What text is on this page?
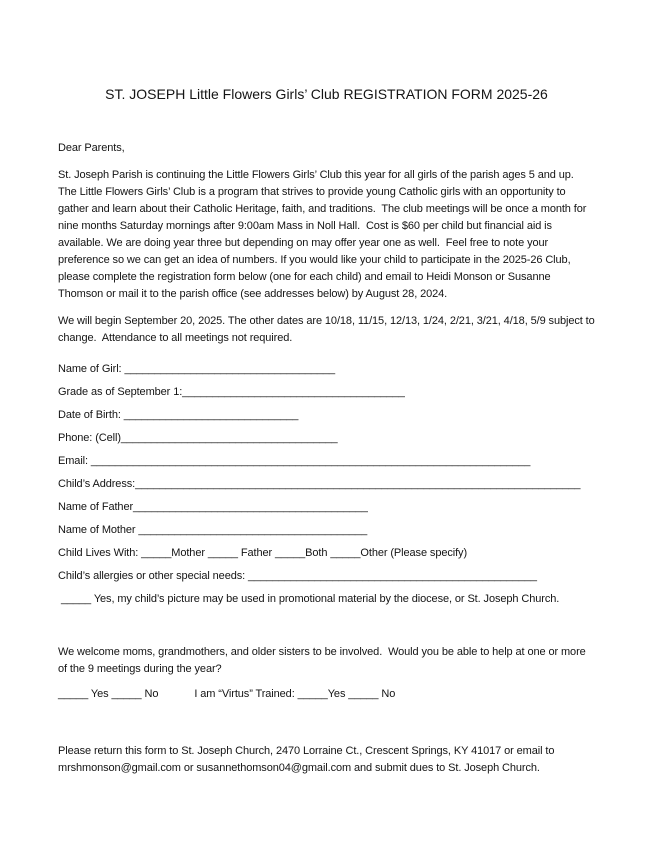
ST. JOSEPH Little Flowers Girls’ Club REGISTRATION FORM 2025-26

Dear Parents,

St. Joseph Parish is continuing the Little Flowers Girls’ Club this year for all girls of the parish ages 5 and up.  The Little Flowers Girls’ Club is a program that strives to provide young Catholic girls with an opportunity to gather and learn about their Catholic Heritage, faith, and traditions.  The club meetings will be once a month for nine months Saturday mornings after 9:00am Mass in Noll Hall.  Cost is $60 per child but financial aid is available. We are doing year three but depending on may offer year one as well.  Feel free to note your preference so we can get an idea of numbers. If you would like your child to participate in the 2025-26 Club, please complete the registration form below (one for each child) and email to Heidi Monson or Susanne Thomson or mail it to the parish office (see addresses below) by August 28, 2024.

We will begin September 20, 2025. The other dates are 10/18, 11/15, 12/13, 1/24, 2/21, 3/21, 4/18, 5/9 subject to change.  Attendance to all meetings not required.

Name of Girl: ___________________________________

Grade as of September 1:_____________________________________

Date of Birth: _____________________________

Phone: (Cell)____________________________________

Email: _________________________________________________________________________

Child’s Address:__________________________________________________________________________

Name of Father_______________________________________

Name of Mother ______________________________________

Child Lives With: _____Mother _____ Father _____Both _____Other (Please specify)

Child’s allergies or other special needs: ________________________________________________

_____ Yes, my child’s picture may be used in promotional material by the diocese, or St. Joseph Church.

We welcome moms, grandmothers, and older sisters to be involved.  Would you be able to help at one or more of the 9 meetings during the year?

_____ Yes _____ No	I am “Virtus” Trained: _____Yes _____ No

Please return this form to St. Joseph Church, 2470 Lorraine Ct., Crescent Springs, KY 41017 or email to mrshmonson@gmail.com or susannethomson04@gmail.com and submit dues to St. Joseph Church.
